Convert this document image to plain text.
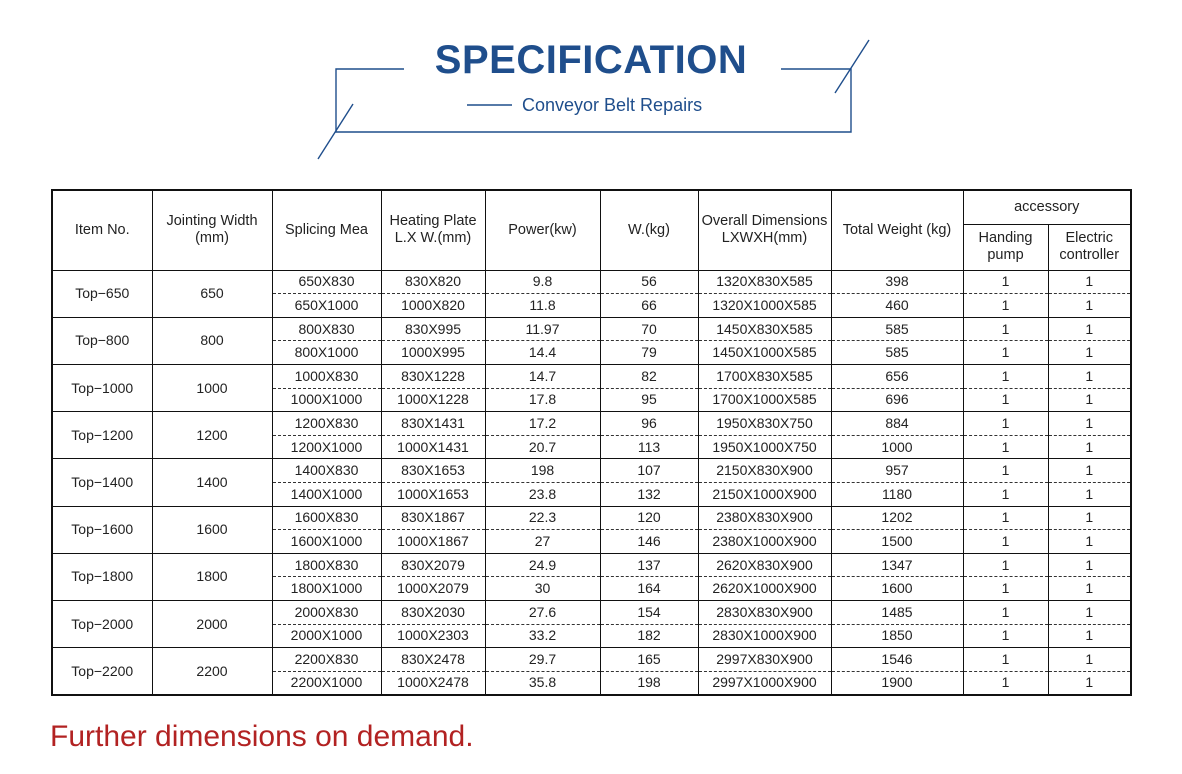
SPECIFICATION
Conveyor Belt Repairs
Item No.	Jointing Width (mm)	Splicing Mea	Heating Plate L.X W.(mm)	Power(kw)	W.(kg)	Overall Dimensions LXWXH(mm)	Total Weight (kg)	accessory	
								Handing pump	Electric controller
Top−650	650	650X830	830X820	9.8	56	1320X830X585	398	1	1
		650X1000	1000X820	11.8	66	1320X1000X585	460	1	1
Top−800	800	800X830	830X995	11.97	70	1450X830X585	585	1	1
		800X1000	1000X995	14.4	79	1450X1000X585	585	1	1
Top−1000	1000	1000X830	830X1228	14.7	82	1700X830X585	656	1	1
		1000X1000	1000X1228	17.8	95	1700X1000X585	696	1	1
Top−1200	1200	1200X830	830X1431	17.2	96	1950X830X750	884	1	1
		1200X1000	1000X1431	20.7	113	1950X1000X750	1000	1	1
Top−1400	1400	1400X830	830X1653	198	107	2150X830X900	957	1	1
		1400X1000	1000X1653	23.8	132	2150X1000X900	1180	1	1
Top−1600	1600	1600X830	830X1867	22.3	120	2380X830X900	1202	1	1
		1600X1000	1000X1867	27	146	2380X1000X900	1500	1	1
Top−1800	1800	1800X830	830X2079	24.9	137	2620X830X900	1347	1	1
		1800X1000	1000X2079	30	164	2620X1000X900	1600	1	1
Top−2000	2000	2000X830	830X2030	27.6	154	2830X830X900	1485	1	1
		2000X1000	1000X2303	33.2	182	2830X1000X900	1850	1	1
Top−2200	2200	2200X830	830X2478	29.7	165	2997X830X900	1546	1	1
		2200X1000	1000X2478	35.8	198	2997X1000X900	1900	1	1
Further dimensions on demand.
